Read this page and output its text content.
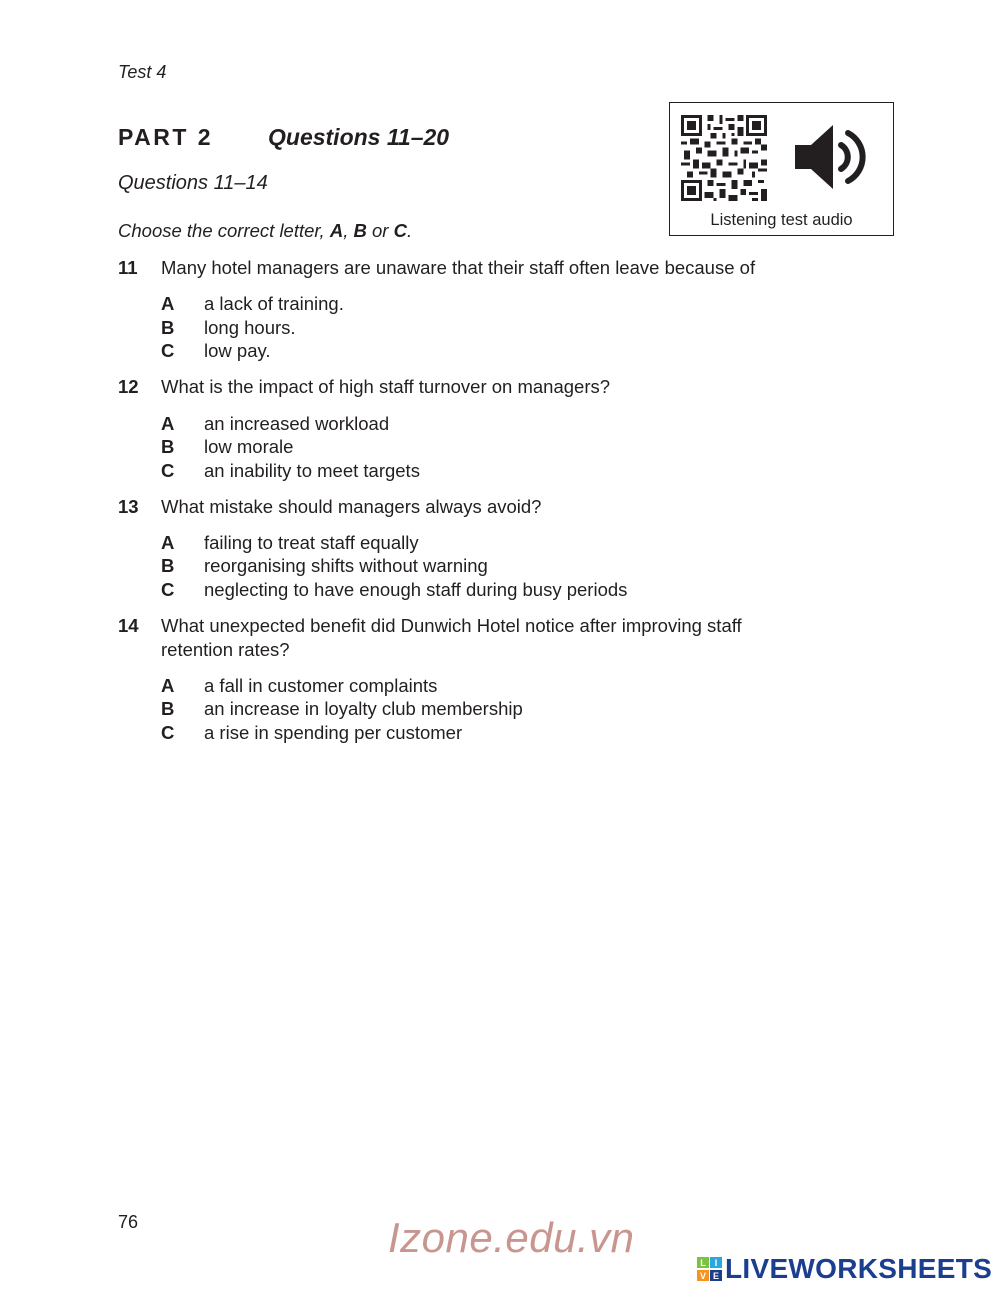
Test 4
PART 2 Questions 11–20
Listening test audio
Questions 11–14
Choose the correct letter, A, B or C.
11	Many hotel managers are unaware that their staff often leave because of
A a lack of training.
B long hours.
C low pay.
12	What is the impact of high staff turnover on managers?
A an increased workload
B low morale
C an inability to meet targets
13	What mistake should managers always avoid?
A failing to treat staff equally
B reorganising shifts without warning
C neglecting to have enough staff during busy periods
14	What unexpected benefit did Dunwich Hotel notice after improving staff
retention rates?
A a fall in customer complaints
B an increase in loyalty club membership
C a rise in spending per customer
76	Izone.edu.vn
L I
V E LIVEWORKSHEETS
